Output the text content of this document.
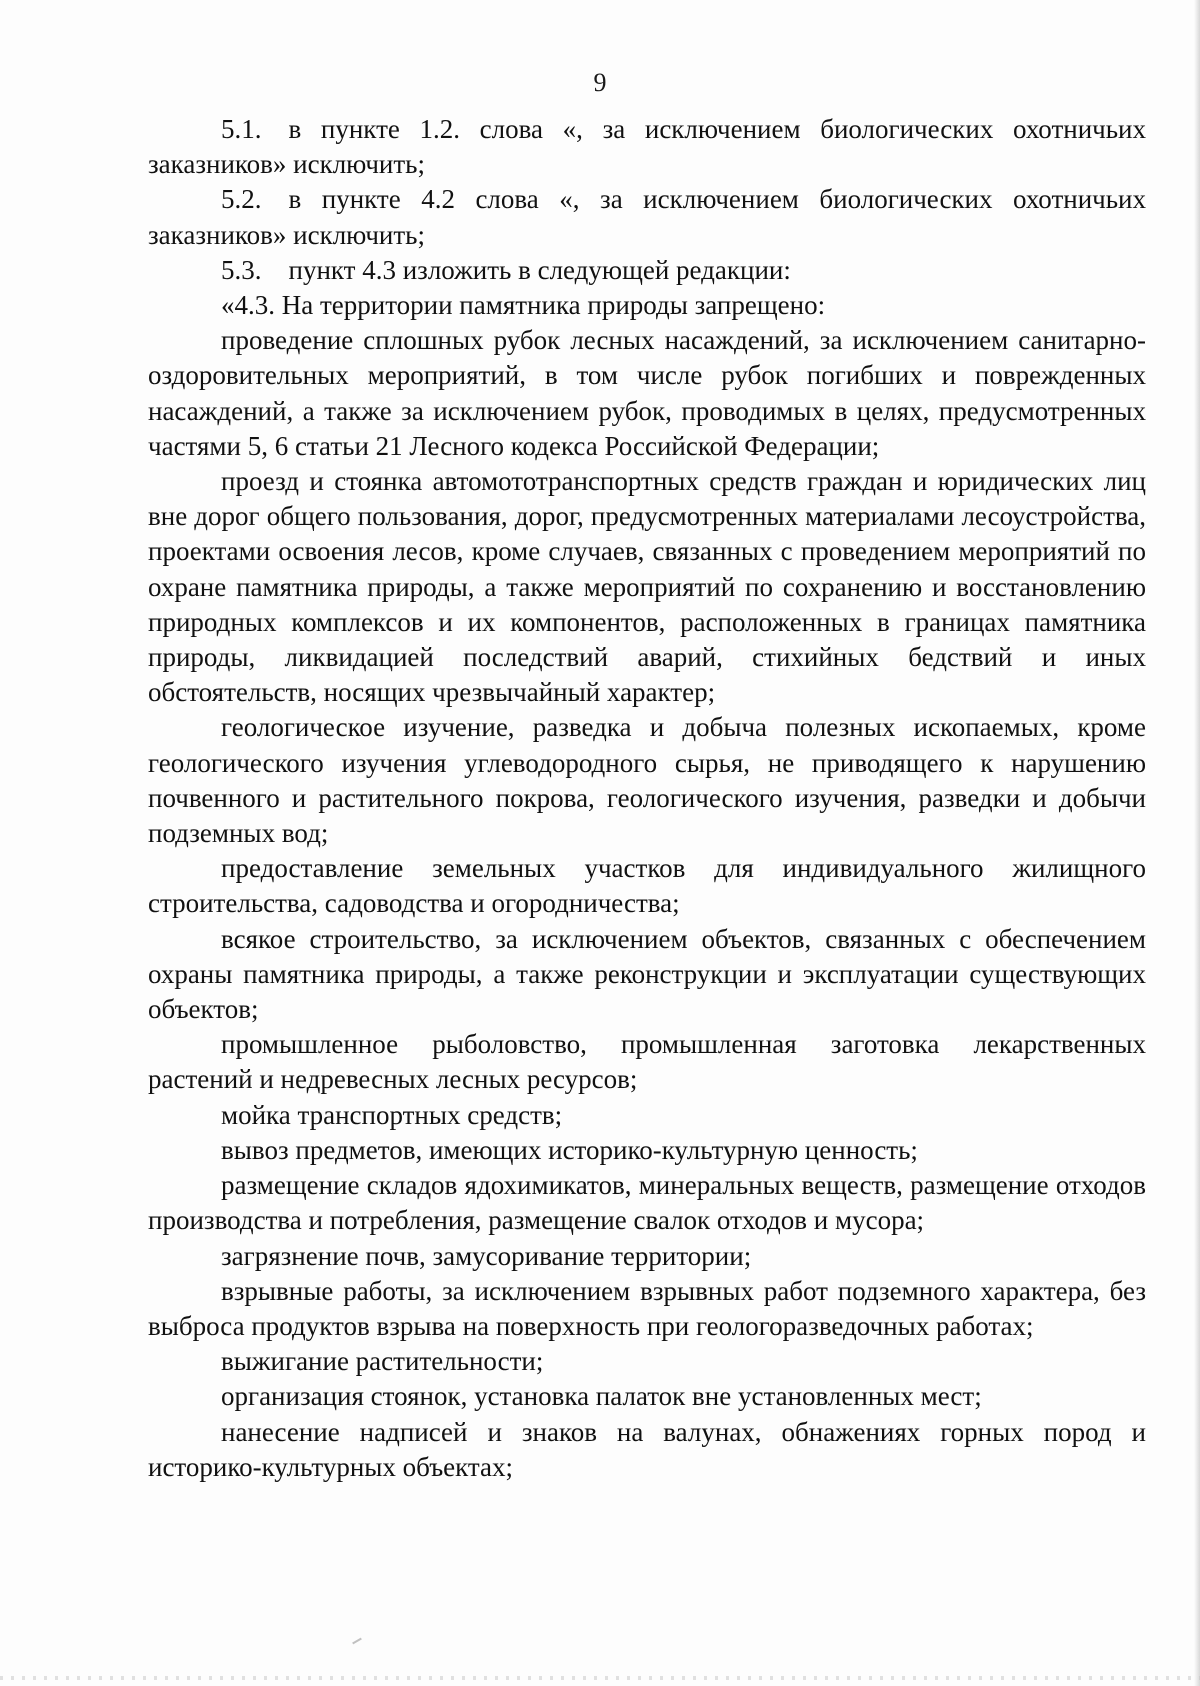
9

5.1. в пункте 1.2. слова «, за исключением биологических охотничьих заказников» исключить;

5.2. в пункте 4.2 слова «, за исключением биологических охотничьих заказников» исключить;

5.3. пункт 4.3 изложить в следующей редакции:

«4.3. На территории памятника природы запрещено:

проведение сплошных рубок лесных насаждений, за исключением санитарно-оздоровительных мероприятий, в том числе рубок погибших и поврежденных насаждений, а также за исключением рубок, проводимых в целях, предусмотренных частями 5, 6 статьи 21 Лесного кодекса Российской Федерации;

проезд и стоянка автомототранспортных средств граждан и юридических лиц вне дорог общего пользования, дорог, предусмотренных материалами лесоустройства, проектами освоения лесов, кроме случаев, связанных с проведением мероприятий по охране памятника природы, а также мероприятий по сохранению и восстановлению природных комплексов и их компонентов, расположенных в границах памятника природы, ликвидацией последствий аварий, стихийных бедствий и иных обстоятельств, носящих чрезвычайный характер;

геологическое изучение, разведка и добыча полезных ископаемых, кроме геологического изучения углеводородного сырья, не приводящего к нарушению почвенного и растительного покрова, геологического изучения, разведки и добычи подземных вод;

предоставление земельных участков для индивидуального жилищного строительства, садоводства и огородничества;

всякое строительство, за исключением объектов, связанных с обеспечением охраны памятника природы, а также реконструкции и эксплуатации существующих объектов;

промышленное рыболовство, промышленная заготовка лекарственных растений и недревесных лесных ресурсов;

мойка транспортных средств;

вывоз предметов, имеющих историко-культурную ценность;

размещение складов ядохимикатов, минеральных веществ, размещение отходов производства и потребления, размещение свалок отходов и мусора;

загрязнение почв, замусоривание территории;

взрывные работы, за исключением взрывных работ подземного характера, без выброса продуктов взрыва на поверхность при геологоразведочных работах;

выжигание растительности;

организация стоянок, установка палаток вне установленных мест;

нанесение надписей и знаков на валунах, обнажениях горных пород и историко-культурных объектах;
